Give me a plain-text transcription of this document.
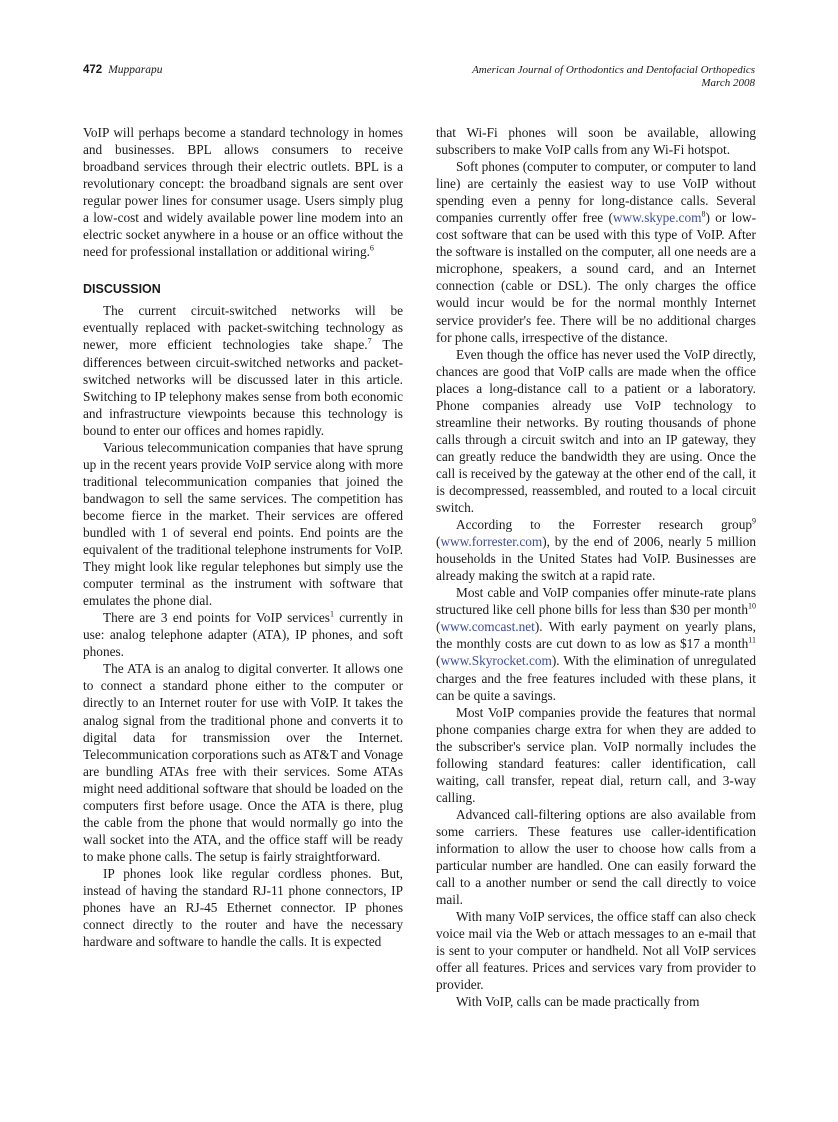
472 Mupparapu	American Journal of Orthodontics and Dentofacial Orthopedics
March 2008

VoIP will perhaps become a standard technology in homes and businesses. BPL allows consumers to receive broadband services through their electric outlets. BPL is a revolutionary concept: the broadband signals are sent over regular power lines for consumer usage. Users simply plug a low-cost and widely available power line modem into an electric socket anywhere in a house or an office without the need for professional installation or additional wiring.$^6$

DISCUSSION

The current circuit-switched networks will be eventually replaced with packet-switching technology as newer, more efficient technologies take shape.$^7$ The differences between circuit-switched networks and packet-switched networks will be discussed later in this article. Switching to IP telephony makes sense from both economic and infrastructure viewpoints because this technology is bound to enter our offices and homes rapidly.

Various telecommunication companies that have sprung up in the recent years provide VoIP service along with more traditional telecommunication companies that joined the bandwagon to sell the same services. The competition has become fierce in the market. Their services are offered bundled with 1 of several end points. End points are the equivalent of the traditional telephone instruments for VoIP. They might look like regular telephones but simply use the computer terminal as the instrument with software that emulates the phone dial.

There are 3 end points for VoIP services$^1$ currently in use: analog telephone adapter (ATA), IP phones, and soft phones.

The ATA is an analog to digital converter. It allows one to connect a standard phone either to the computer or directly to an Internet router for use with VoIP. It takes the analog signal from the traditional phone and converts it to digital data for transmission over the Internet. Telecommunication corporations such as AT&T and Vonage are bundling ATAs free with their services. Some ATAs might need additional software that should be loaded on the computers first before usage. Once the ATA is there, plug the cable from the phone that would normally go into the wall socket into the ATA, and the office staff will be ready to make phone calls. The setup is fairly straightforward.

IP phones look like regular cordless phones. But, instead of having the standard RJ-11 phone connectors, IP phones have an RJ-45 Ethernet connector. IP phones connect directly to the router and have the necessary hardware and software to handle the calls. It is expected

that Wi-Fi phones will soon be available, allowing subscribers to make VoIP calls from any Wi-Fi hotspot.

Soft phones (computer to computer, or computer to land line) are certainly the easiest way to use VoIP without spending even a penny for long-distance calls. Several companies currently offer free (www.skype.com$^8$) or low-cost software that can be used with this type of VoIP. After the software is installed on the computer, all one needs are a microphone, speakers, a sound card, and an Internet connection (cable or DSL). The only charges the office would incur would be for the normal monthly Internet service provider's fee. There will be no additional charges for phone calls, irrespective of the distance.

Even though the office has never used the VoIP directly, chances are good that VoIP calls are made when the office places a long-distance call to a patient or a laboratory. Phone companies already use VoIP technology to streamline their networks. By routing thousands of phone calls through a circuit switch and into an IP gateway, they can greatly reduce the bandwidth they are using. Once the call is received by the gateway at the other end of the call, it is decompressed, reassembled, and routed to a local circuit switch.

According to the Forrester research group$^9$ (www.forrester.com), by the end of 2006, nearly 5 million households in the United States had VoIP. Businesses are already making the switch at a rapid rate.

Most cable and VoIP companies offer minute-rate plans structured like cell phone bills for less than $30 per month$^{10}$ (www.comcast.net). With early payment on yearly plans, the monthly costs are cut down to as low as $17 a month$^{11}$ (www.Skyrocket.com). With the elimination of unregulated charges and the free features included with these plans, it can be quite a savings.

Most VoIP companies provide the features that normal phone companies charge extra for when they are added to the subscriber's service plan. VoIP normally includes the following standard features: caller identification, call waiting, call transfer, repeat dial, return call, and 3-way calling.

Advanced call-filtering options are also available from some carriers. These features use caller-identification information to allow the user to choose how calls from a particular number are handled. One can easily forward the call to a another number or send the call directly to voice mail.

With many VoIP services, the office staff can also check voice mail via the Web or attach messages to an e-mail that is sent to your computer or handheld. Not all VoIP services offer all features. Prices and services vary from provider to provider.

With VoIP, calls can be made practically from
